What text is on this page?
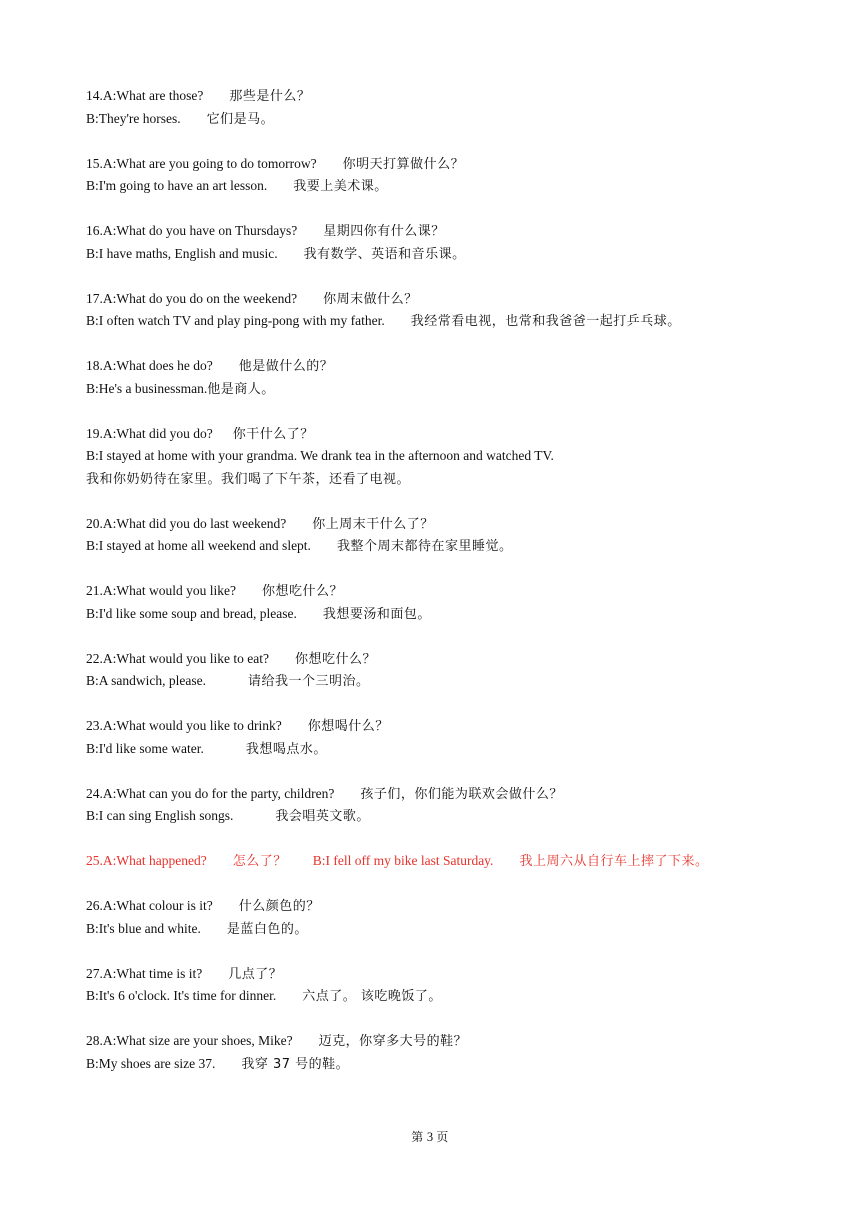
14.A:What are those? 那些是什么？
B:They're horses. 它们是马。
15.A:What are you going to do tomorrow? 你明天打算做什么？
B:I'm going to have an art lesson. 我要上美术课。
16.A:What do you have on Thursdays? 星期四你有什么课？
B:I have maths, English and music. 我有数学、英语和音乐课。
17.A:What do you do on the weekend? 你周末做什么？
B:I often watch TV and play ping-pong with my father. 我经常看电视，也常和我爸爸一起打乒乓球。
18.A:What does he do? 他是做什么的？
B:He's a businessman.他是商人。
19.A:What did you do? 你干什么了？
B:I stayed at home with your grandma. We drank tea in the afternoon and watched TV.
我和你奶奶待在家里。我们喝了下午茶，还看了电视。
20.A:What did you do last weekend? 你上周末干什么了？
B:I stayed at home all weekend and slept. 我整个周末都待在家里睡觉。
21.A:What would you like? 你想吃什么？
B:I'd like some soup and bread, please. 我想要汤和面包。
22.A:What would you like to eat? 你想吃什么？
B:A sandwich, please.	请给我一个三明治。
23.A:What would you like to drink? 你想喝什么？
B:I'd like some water.	我想喝点水。
24.A:What can you do for the party, children? 孩子们，你们能为联欢会做什么？
B:I can sing English songs.	我会唱英文歌。
25.A:What happened? 怎么了？ B:I fell off my bike last Saturday. 我上周六从自行车上摔了下来。
26.A:What colour is it? 什么颜色的？
B:It's blue and white. 是蓝白色的。
27.A:What time is it? 几点了？
B:It's 6 o'clock. It's time for dinner. 六点了。 该吃晚饭了。
28.A:What size are your shoes, Mike? 迈克，你穿多大号的鞋？
B:My shoes are size 37. 我穿 37 号的鞋。
第 3 页
